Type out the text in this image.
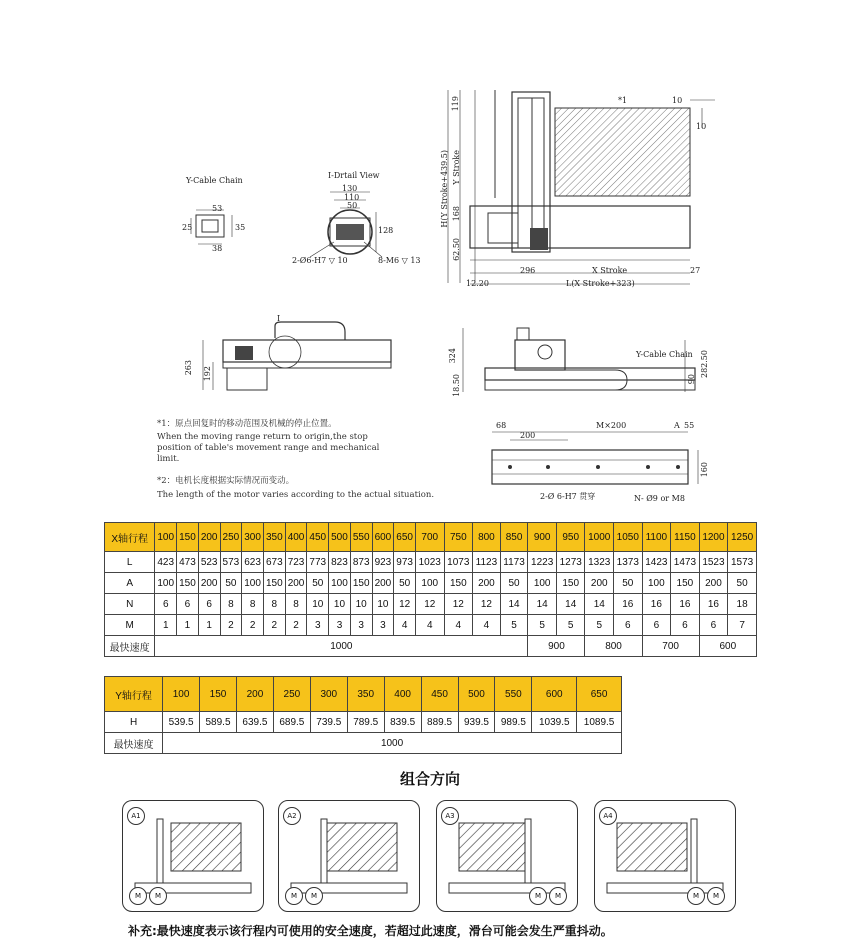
Y-Cable Chain
53
38
25	35
I-Drtail View
130
110
50
128
2-Ø6-H7 ▽ 10	8-M6 ▽ 13
*1	10
10
119
H(Y Stroke+439.5) Y Stroke
168
62.50
12.20
296	X Stroke	27
L(X Stroke+323)
I
263 192
324
18.50
Y-Cable Chain 282.50
90
*1：原点回复时的移动范围及机械的停止位置。
When the moving range return to origin,the stop
position of table's movement range and mechanical
limit.
*2：电机长度根据实际情况而变动。
The length of the motor varies according to the actual situation.
68
200
M×200	A 55
160
2-Ø 6-H7 贯穿	N- Ø9 or M8
X轴行程	100	150	200	250	300	350	400	450	500	550	600	650	700	750	800	850	900	950	1000	1050	1100	1150	1200	1250
L	423	473	523	573	623	673	723	773	823	873	923	973	1023	1073	1123	1173	1223	1273	1323	1373	1423	1473	1523	1573
A	100	150	200	50	100	150	200	50	100	150	200	50	100	150	200	50	100	150	200	50	100	150	200	50
N	6	6	6	8	8	8	8	10	10	10	10	12	12	12	12	14	14	14	14	16	16	16	16	18
M	1	1	1	2	2	2	2	3	3	3	3	4	4	4	4	5	5	5	5	6	6	6	6	7
最快速度	1000																900		800		700		600	
Y轴行程	100	150	200	250	300	350	400	450	500	550	600	650
H	539.5	589.5	639.5	689.5	739.5	789.5	839.5	889.5	939.5	989.5	1039.5	1089.5
最快速度	1000											
组合方向
A1
M	M
A2
M	M
A3
M	M
A4
M	M
补充:最快速度表示该行程内可使用的安全速度，若超过此速度，滑台可能会发生严重抖动。
